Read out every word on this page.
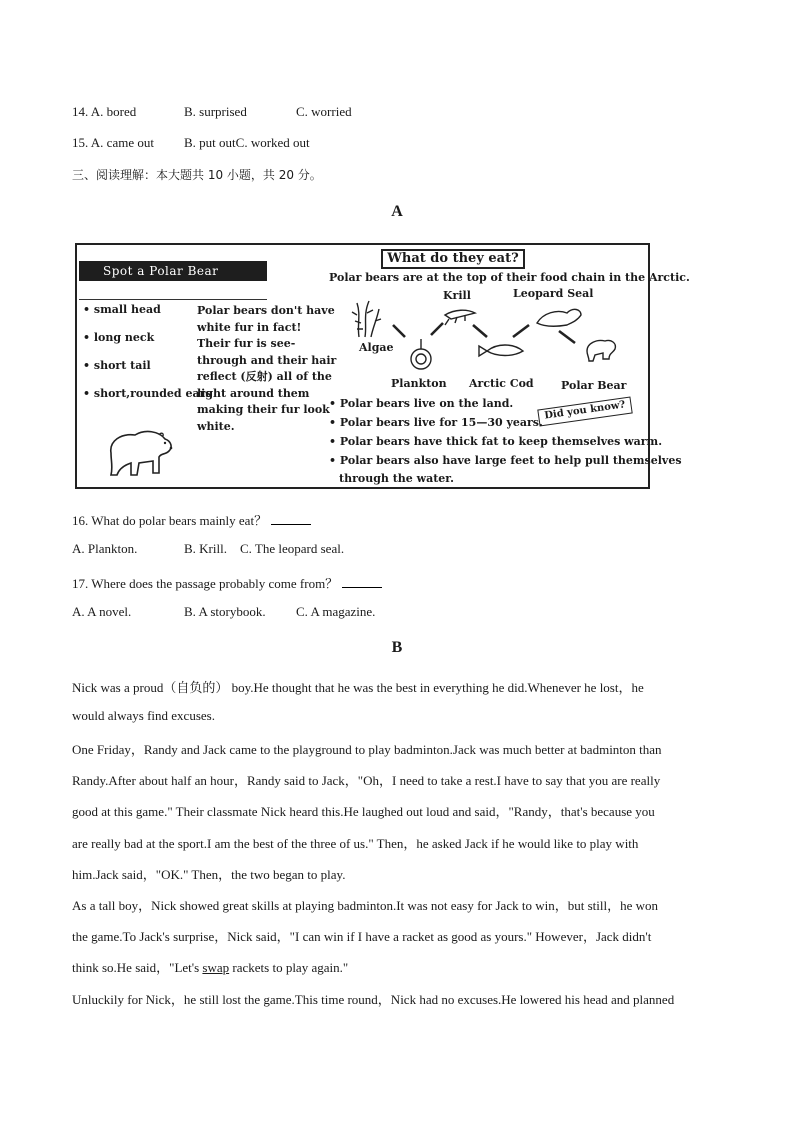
14. A. bored	B. surprised	C. worried
15. A. came out B. put outC. worked out
三、阅读理解：本大题共 10 小题，共 20 分。
A
Spot a Polar Bear
• small head
• long neck
• short tail
• short,rounded ears
Polar bears don't have white fur in fact! Their fur is see-through and their hair reflect (反射) all of the light around them making their fur look white.
What do they eat?
Polar bears are at the top of their food chain in the Arctic.
Krill	Leopard Seal
Algae
Plankton Arctic Cod Polar Bear
• Polar bears live on the land.	Did you know?
• Polar bears live for 15—30 years.
• Polar bears have thick fat to keep themselves warm.
• Polar bears also have large feet to help pull themselves
through the water.
16. What do polar bears mainly eat？
A. Plankton.	B. Krill. C. The leopard seal.
17. Where does the passage probably come from？
A. A novel.	B. A storybook. C. A magazine.
B
Nick was a proud（自负的） boy.He thought that he was the best in everything he did.Whenever he lost，he
would always find excuses.
One Friday，Randy and Jack came to the playground to play badminton.Jack was much better at badminton than
Randy.After about half an hour，Randy said to Jack，"Oh，I need to take a rest.I have to say that you are really
good at this game." Their classmate Nick heard this.He laughed out loud and said，"Randy，that's because you
are really bad at the sport.I am the best of the three of us." Then，he asked Jack if he would like to play with
him.Jack said，"OK." Then，the two began to play.
As a tall boy，Nick showed great skills at playing badminton.It was not easy for Jack to win，but still，he won
the game.To Jack's surprise，Nick said，"I can win if I have a racket as good as yours." However，Jack didn't
think so.He said，"Let's swap rackets to play again."
Unluckily for Nick，he still lost the game.This time round，Nick had no excuses.He lowered his head and planned
